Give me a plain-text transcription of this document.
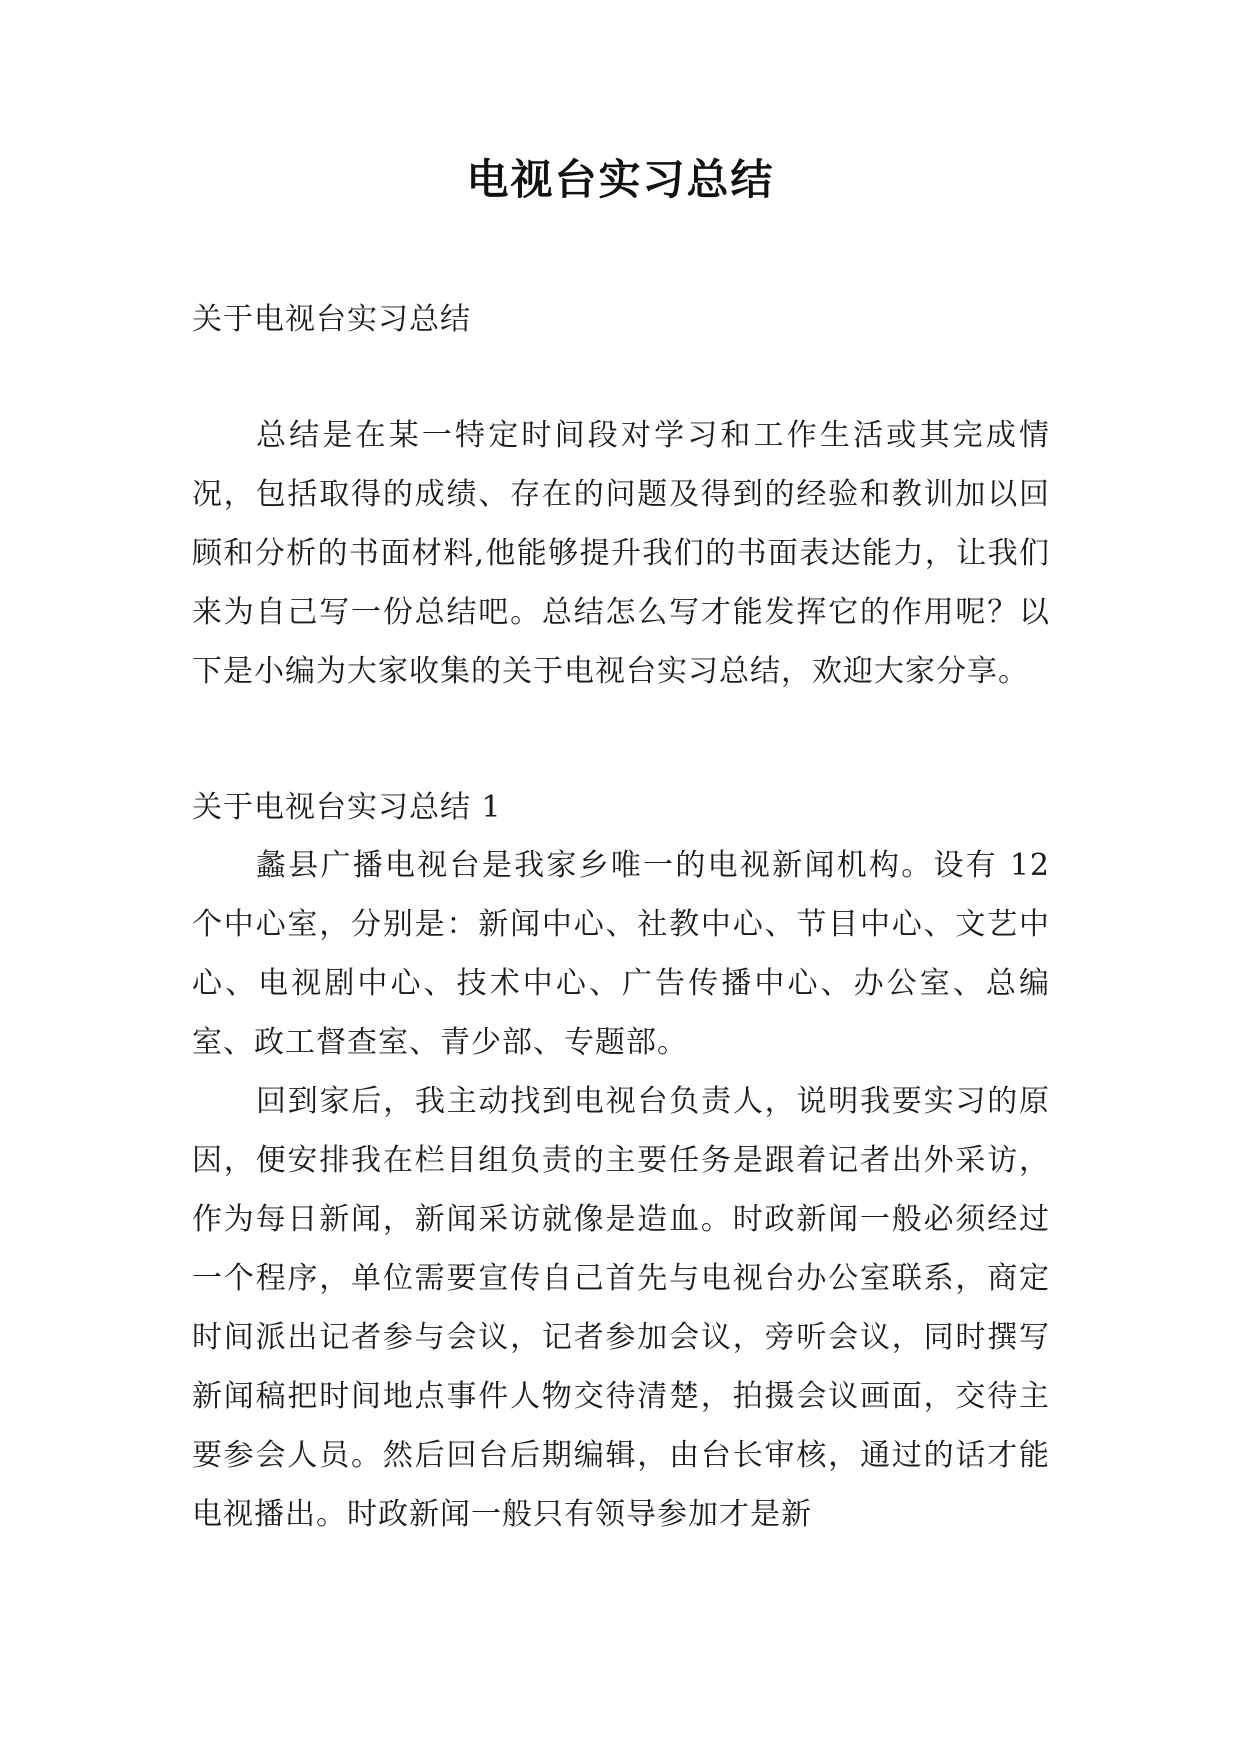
电视台实习总结
关于电视台实习总结
总结是在某一特定时间段对学习和工作生活或其完成情况，包括取得的成绩、存在的问题及得到的经验和教训加以回顾和分析的书面材料,他能够提升我们的书面表达能力，让我们来为自己写一份总结吧。总结怎么写才能发挥它的作用呢？以下是小编为大家收集的关于电视台实习总结，欢迎大家分享。
关于电视台实习总结 1
蠡县广播电视台是我家乡唯一的电视新闻机构。设有 12 个中心室，分别是：新闻中心、社教中心、节目中心、文艺中心、电视剧中心、技术中心、广告传播中心、办公室、总编室、政工督查室、青少部、专题部。
回到家后，我主动找到电视台负责人，说明我要实习的原因，便安排我在栏目组负责的主要任务是跟着记者出外采访，作为每日新闻，新闻采访就像是造血。时政新闻一般必须经过一个程序，单位需要宣传自己首先与电视台办公室联系，商定时间派出记者参与会议，记者参加会议，旁听会议，同时撰写新闻稿把时间地点事件人物交待清楚，拍摄会议画面，交待主要参会人员。然后回台后期编辑，由台长审核，通过的话才能电视播出。时政新闻一般只有领导参加才是新
